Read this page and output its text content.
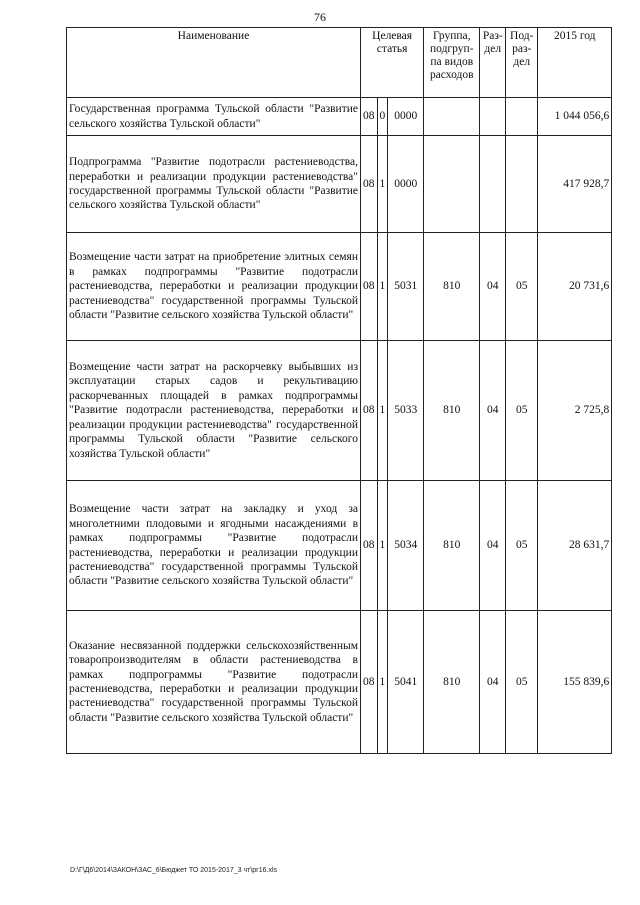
76
Наименование	Целевая статья			Группа, подгруп-па видов расходов	Раз-дел	Под-раз-дел	2015 год
Государственная программа Тульской области "Развитие сельского хозяйства Тульской области"	08	0	0000				1 044 056,6
Подпрограмма "Развитие подотрасли растениеводства, переработки и реализации продукции растениеводства" государственной программы Тульской области "Развитие сельского хозяйства Тульской области"	08	1	0000				417 928,7
Возмещение части затрат на приобретение элитных семян в рамках подпрограммы "Развитие подотрасли растениеводства, переработки и реализации продукции растениеводства" государственной программы Тульской области "Развитие сельского хозяйства Тульской области"	08	1	5031	810	04	05	20 731,6
Возмещение части затрат на раскорчевку выбывших из эксплуатации старых садов и рекультивацию раскорчеванных площадей в рамках подпрограммы "Развитие подотрасли растениеводства, переработки и реализации продукции растениеводства" государственной программы Тульской области "Развитие сельского хозяйства Тульской области"	08	1	5033	810	04	05	2 725,8
Возмещение части затрат на закладку и уход за многолетними плодовыми и ягодными насаждениями в рамках подпрограммы "Развитие подотрасли растениеводства, переработки и реализации продукции растениеводства" государственной программы Тульской области "Развитие сельского хозяйства Тульской области"	08	1	5034	810	04	05	28 631,7
Оказание несвязанной поддержки сельскохозяйственным товаропроизводителям в области растениеводства в рамках подпрограммы "Развитие подотрасли растениеводства, переработки и реализации продукции растениеводства" государственной программы Тульской области "Развитие сельского хозяйства Тульской области"	08	1	5041	810	04	05	155 839,6
D:\Г\Д6\2014\ЗАКОН\ЗАС_6\Бюджет ТО 2015-2017_3 чт\рг16.xls
